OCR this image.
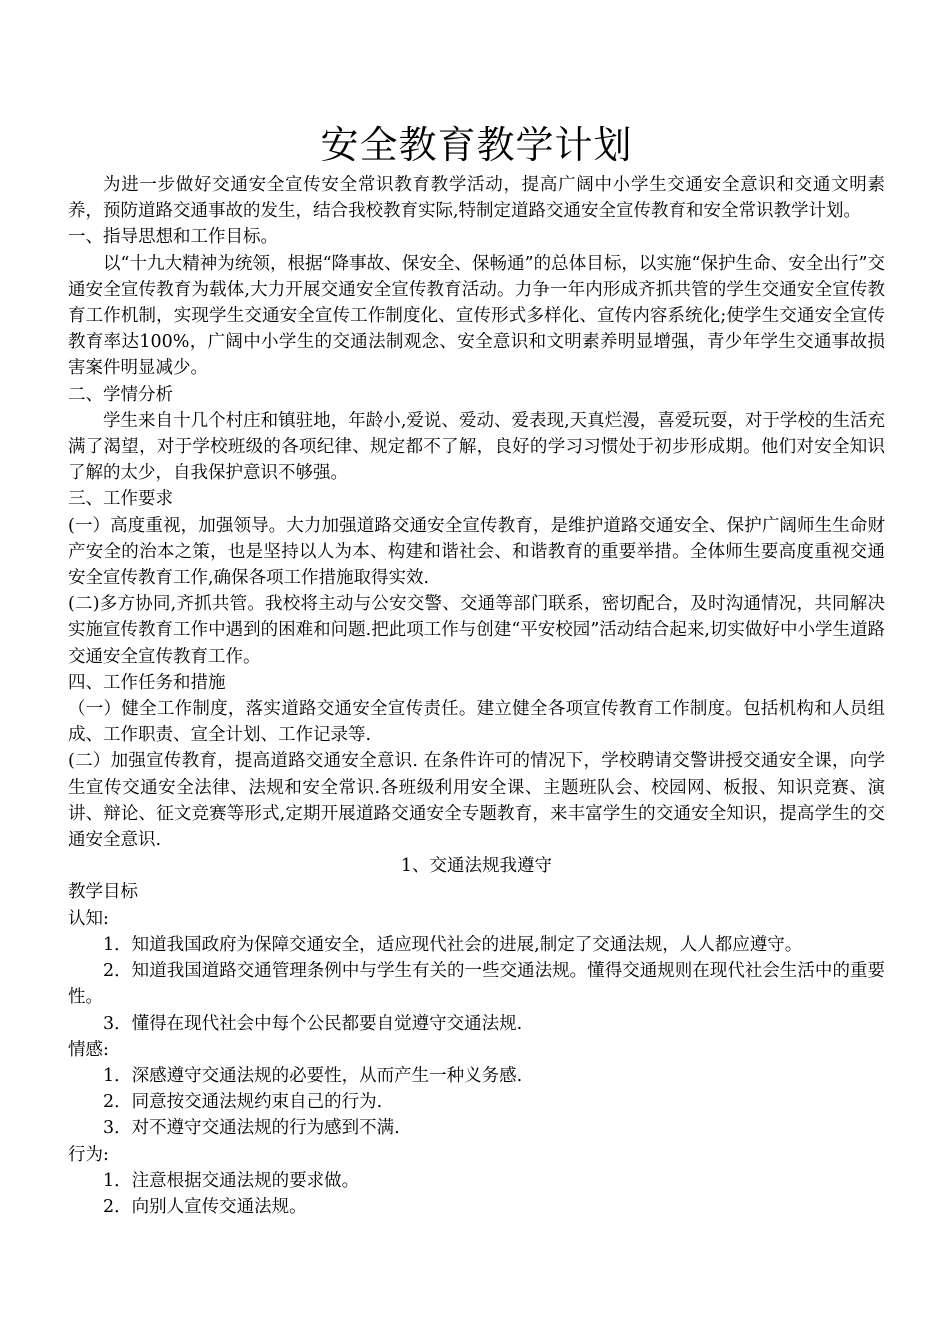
安全教育教学计划

为进一步做好交通安全宣传安全常识教育教学活动，提高广阔中小学生交通安全意识和交通文明素养，预防道路交通事故的发生，结合我校教育实际,特制定道路交通安全宣传教育和安全常识教学计划。

一、指导思想和工作目标。

以“十九大精神为统领，根据“降事故、保安全、保畅通”的总体目标，以实施“保护生命、安全出行”交通安全宣传教育为载体,大力开展交通安全宣传教育活动。力争一年内形成齐抓共管的学生交通安全宣传教育工作机制，实现学生交通安全宣传工作制度化、宣传形式多样化、宣传内容系统化;使学生交通安全宣传教育率达100%，广阔中小学生的交通法制观念、安全意识和文明素养明显增强，青少年学生交通事故损害案件明显减少。

二、学情分析

学生来自十几个村庄和镇驻地，年龄小,爱说、爱动、爱表现,天真烂漫，喜爱玩耍，对于学校的生活充满了渴望，对于学校班级的各项纪律、规定都不了解，良好的学习习惯处于初步形成期。他们对安全知识了解的太少，自我保护意识不够强。

三、工作要求

(一）高度重视，加强领导。大力加强道路交通安全宣传教育，是维护道路交通安全、保护广阔师生生命财产安全的治本之策，也是坚持以人为本、构建和谐社会、和谐教育的重要举措。全体师生要高度重视交通安全宣传教育工作,确保各项工作措施取得实效.

(二)多方协同,齐抓共管。我校将主动与公安交警、交通等部门联系，密切配合，及时沟通情况，共同解决实施宣传教育工作中遇到的困难和问题.把此项工作与创建“平安校园”活动结合起来,切实做好中小学生道路交通安全宣传教育工作。

四、工作任务和措施

（一）健全工作制度，落实道路交通安全宣传责任。建立健全各项宣传教育工作制度。包括机构和人员组成、工作职责、宣全计划、工作记录等.

(二）加强宣传教育，提高道路交通安全意识. 在条件许可的情况下，学校聘请交警讲授交通安全课，向学生宣传交通安全法律、法规和安全常识.各班级利用安全课、主题班队会、校园网、板报、知识竞赛、演讲、辩论、征文竞赛等形式,定期开展道路交通安全专题教育，来丰富学生的交通安全知识，提高学生的交通安全意识.

1、交通法规我遵守

教学目标

认知:

1．知道我国政府为保障交通安全，适应现代社会的进展,制定了交通法规，人人都应遵守。

2．知道我国道路交通管理条例中与学生有关的一些交通法规。懂得交通规则在现代社会生活中的重要性。

3．懂得在现代社会中每个公民都要自觉遵守交通法规.

情感:

1．深感遵守交通法规的必要性，从而产生一种义务感.

2．同意按交通法规约束自己的行为.

3．对不遵守交通法规的行为感到不满.

行为:

1．注意根据交通法规的要求做。

2．向别人宣传交通法规。
